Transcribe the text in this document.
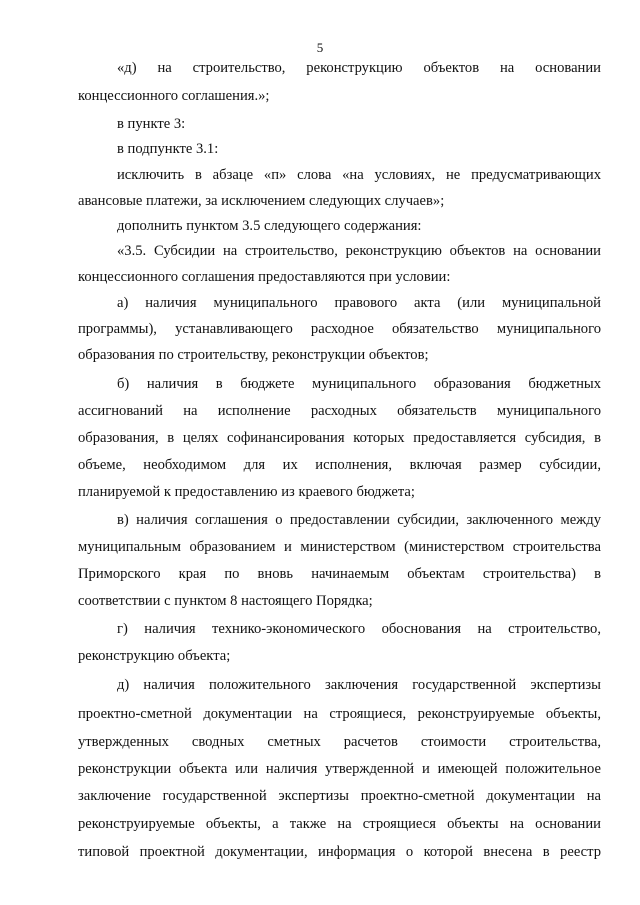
5
«д) на строительство, реконструкцию объектов на основании
концессионного соглашения.»;
в пункте 3:
в подпункте 3.1:
исключить в абзаце «п» слова «на условиях, не предусматривающих
авансовые платежи, за исключением следующих случаев»;
дополнить пунктом 3.5 следующего содержания:
«3.5. Субсидии на строительство, реконструкцию объектов на основании
концессионного соглашения предоставляются при условии:
а) наличия муниципального правового акта (или муниципальной
программы), устанавливающего расходное обязательство муниципального
образования по строительству, реконструкции объектов;
б) наличия в бюджете муниципального образования бюджетных
ассигнований на исполнение расходных обязательств муниципального
образования, в целях софинансирования которых предоставляется субсидия, в
объеме, необходимом для их исполнения, включая размер субсидии,
планируемой к предоставлению из краевого бюджета;
в) наличия соглашения о предоставлении субсидии, заключенного между
муниципальным образованием и министерством (министерством строительства
Приморского края по вновь начинаемым объектам строительства) в
соответствии с пунктом 8 настоящего Порядка;
г) наличия технико-экономического обоснования на строительство,
реконструкцию объекта;
д) наличия положительного заключения государственной экспертизы
проектно-сметной документации на строящиеся, реконструируемые объекты,
утвержденных сводных сметных расчетов стоимости строительства,
реконструкции объекта или наличия утвержденной и имеющей положительное
заключение государственной экспертизы проектно-сметной документации на
реконструируемые объекты, а также на строящиеся объекты на основании
типовой проектной документации, информация о которой внесена в реестр
